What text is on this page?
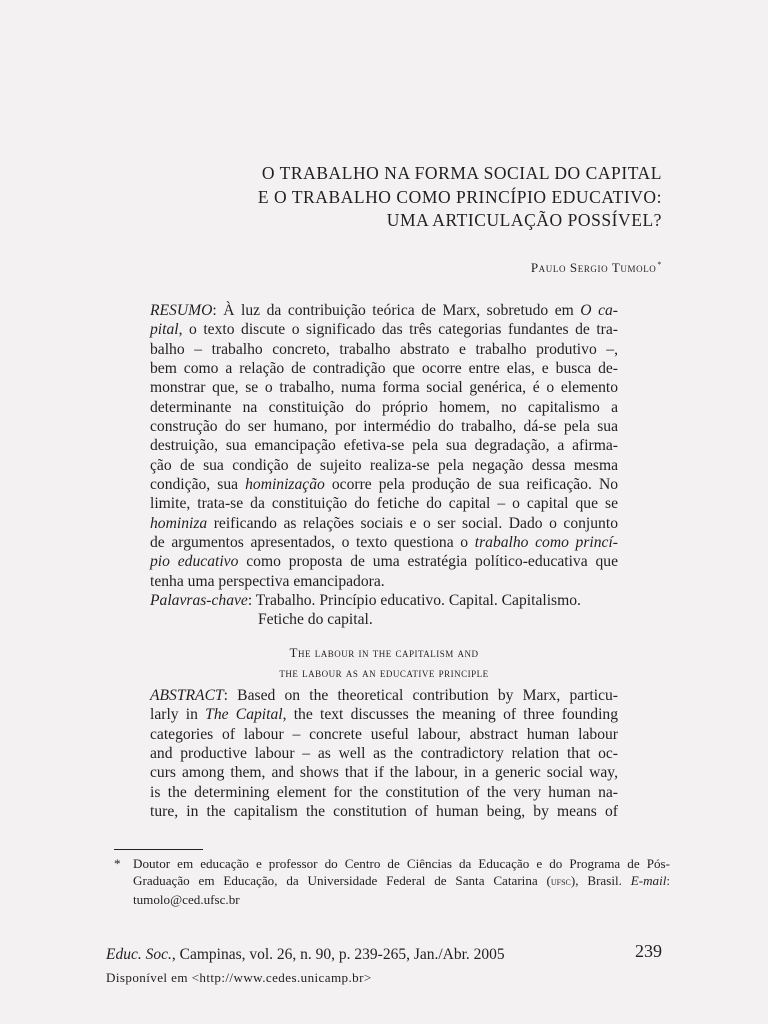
O TRABALHO NA FORMA SOCIAL DO CAPITAL
E O TRABALHO COMO PRINCÍPIO EDUCATIVO:
UMA ARTICULAÇÃO POSSÍVEL?
Paulo Sergio Tumolo*
RESUMO: À luz da contribuição teórica de Marx, sobretudo em O ca-
pital, o texto discute o significado das três categorias fundantes de tra-
balho – trabalho concreto, trabalho abstrato e trabalho produtivo –,
bem como a relação de contradição que ocorre entre elas, e busca de-
monstrar que, se o trabalho, numa forma social genérica, é o elemento
determinante na constituição do próprio homem, no capitalismo a
construção do ser humano, por intermédio do trabalho, dá-se pela sua
destruição, sua emancipação efetiva-se pela sua degradação, a afirma-
ção de sua condição de sujeito realiza-se pela negação dessa mesma
condição, sua hominização ocorre pela produção de sua reificação. No
limite, trata-se da constituição do fetiche do capital – o capital que se
hominiza reificando as relações sociais e o ser social. Dado o conjunto
de argumentos apresentados, o texto questiona o trabalho como princí-
pio educativo como proposta de uma estratégia político-educativa que
tenha uma perspectiva emancipadora.
Palavras-chave: Trabalho. Princípio educativo. Capital. Capitalismo.
Fetiche do capital.
The labour in the capitalism and
the labour as an educative principle
ABSTRACT: Based on the theoretical contribution by Marx, particu-
larly in The Capital, the text discusses the meaning of three founding
categories of labour – concrete useful labour, abstract human labour
and productive labour – as well as the contradictory relation that oc-
curs among them, and shows that if the labour, in a generic social way,
is the determining element for the constitution of the very human na-
ture, in the capitalism the constitution of human being, by means of
* Doutor em educação e professor do Centro de Ciências da Educação e do Programa de Pós-
Graduação em Educação, da Universidade Federal de Santa Catarina (ufsc), Brasil. E-mail:
tumolo@ced.ufsc.br
Educ. Soc., Campinas, vol. 26, n. 90, p. 239-265, Jan./Abr. 2005	239
Disponível em <http://www.cedes.unicamp.br>
